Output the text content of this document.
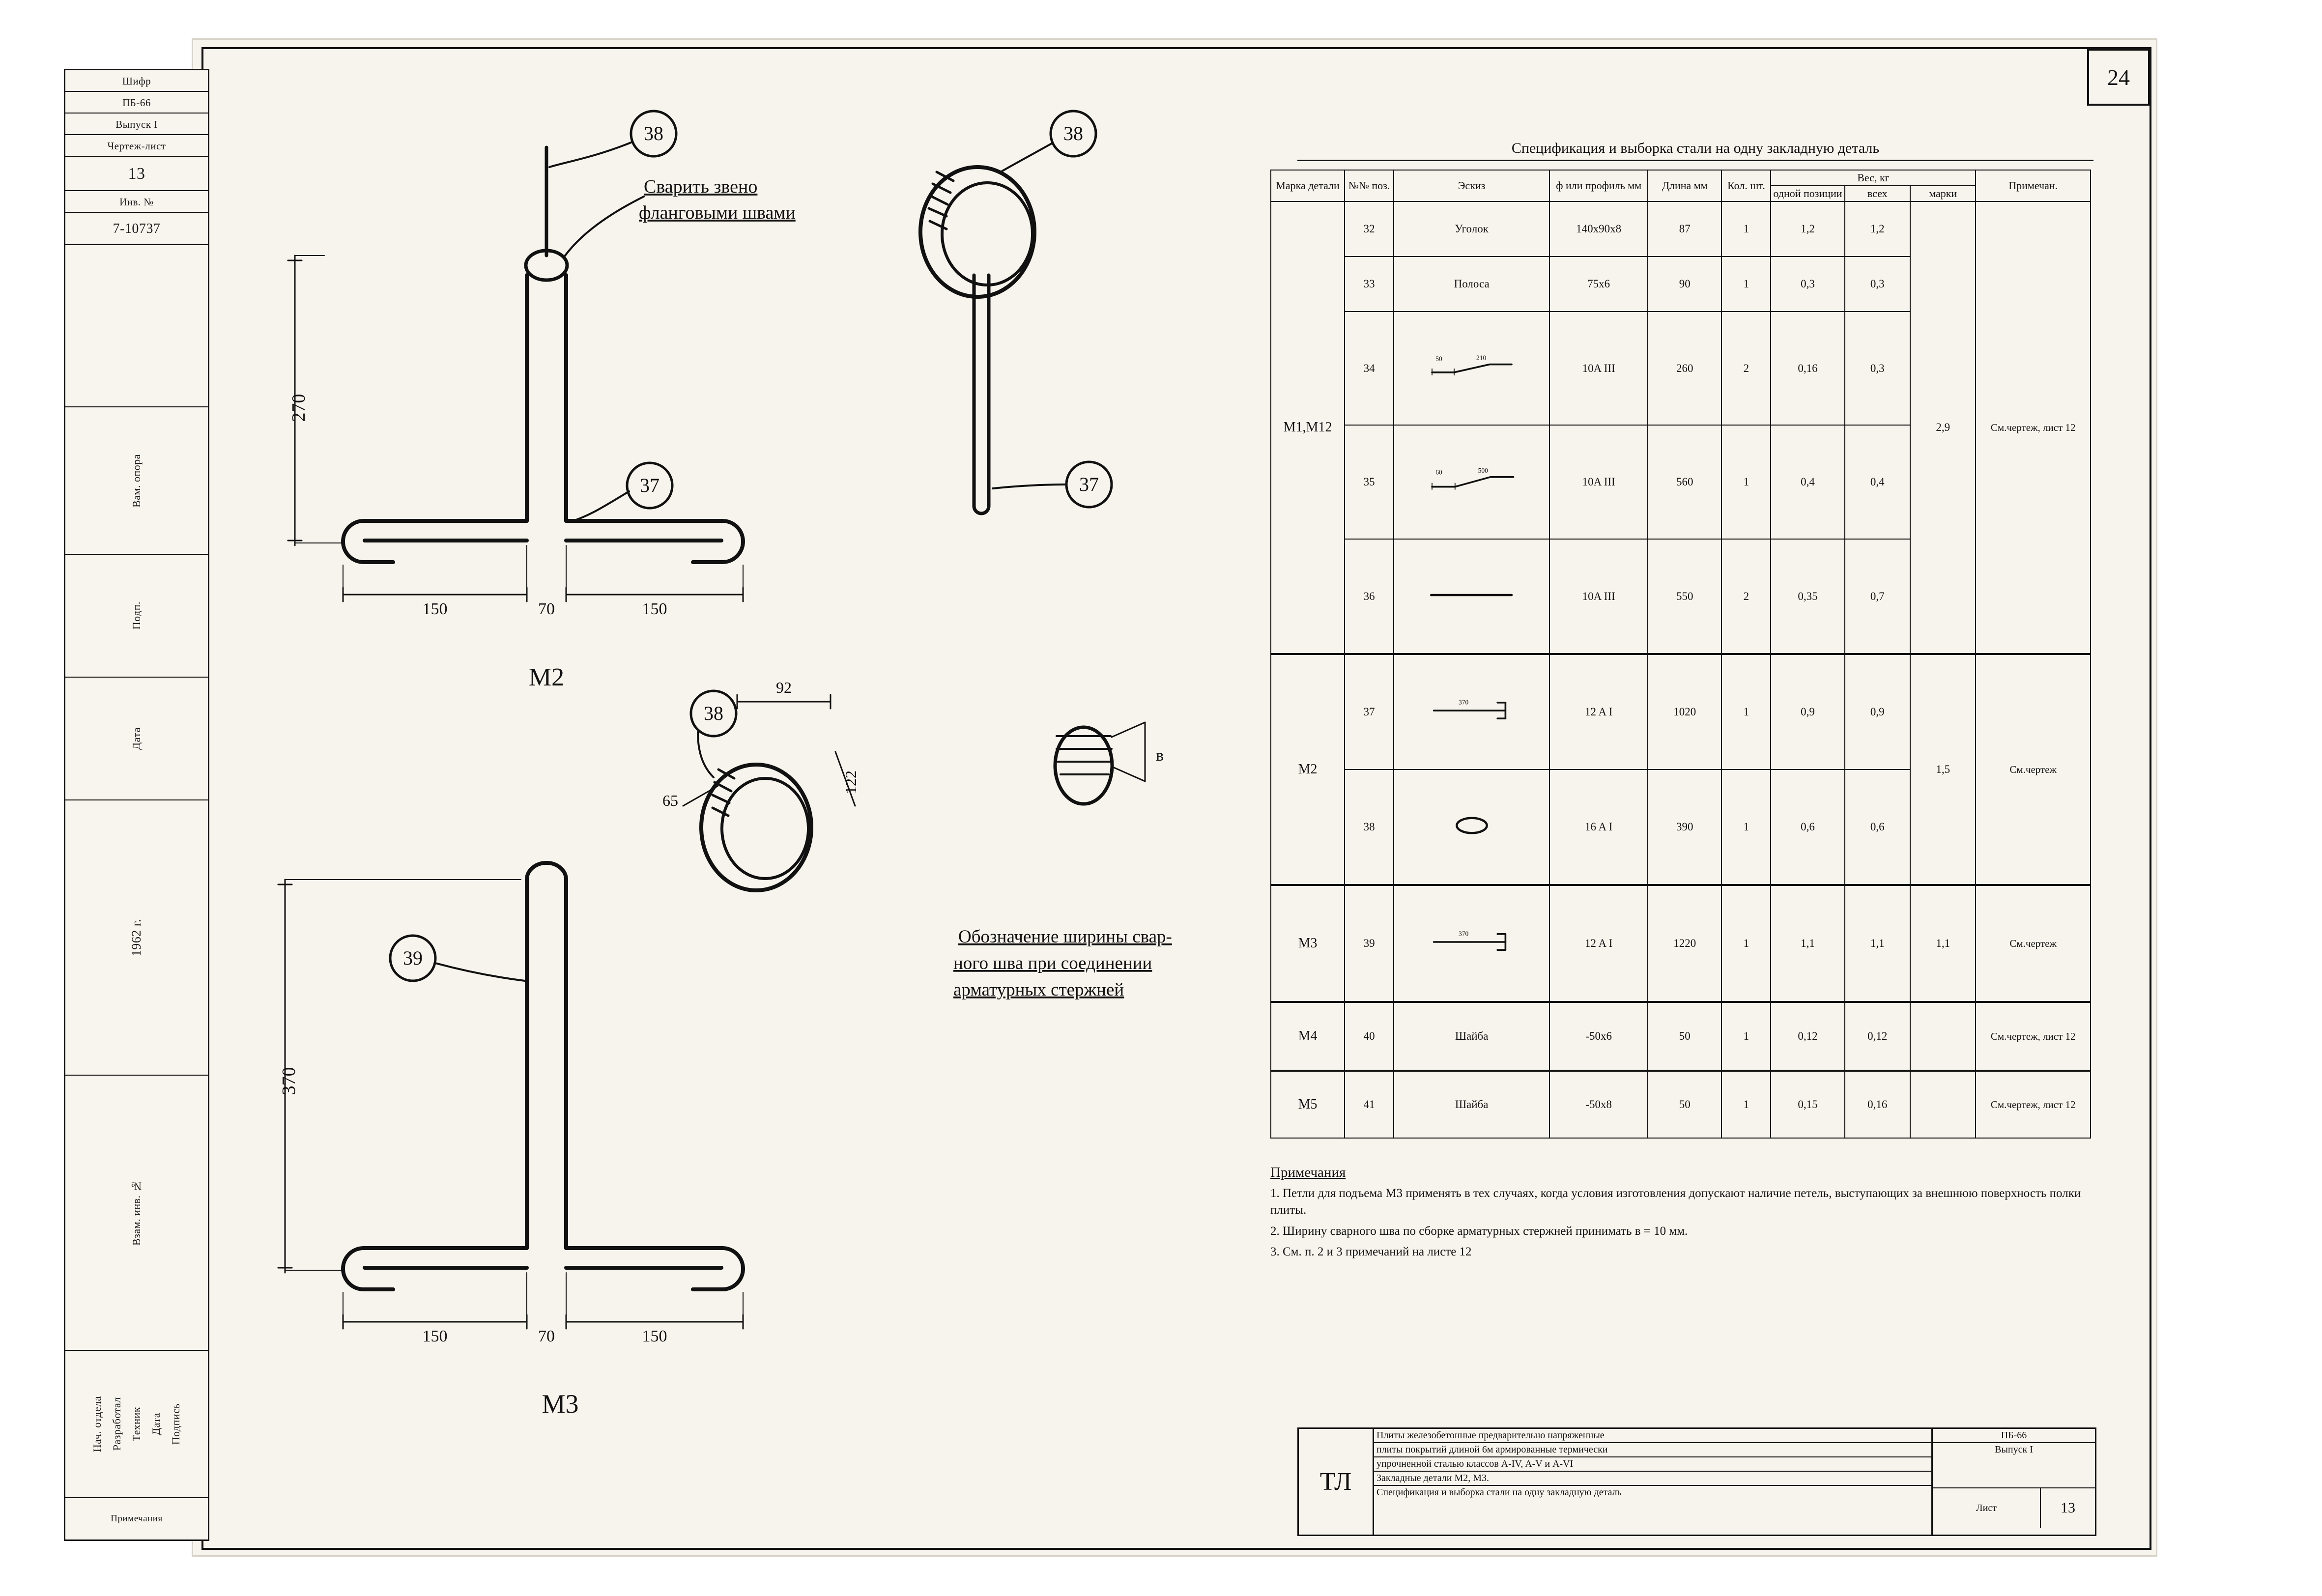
24
Шифр
ПБ-66
Выпуск I
Чертеж-лист
13
Инв. №
7-10737
Вам. опора
Подп.
Дата
1962 г.
Взам. инв. №
Нач. отдела Разработал Техник Дата Подпись
Примечания
38
37
38
37
38
39
270
150	70	150
М2
370
150	70	150
М3
92
65
122
в
Сварить звено
фланговыми швами
Обозначение ширины свар-
ного шва при соединении
арматурных стержней
Спецификация и выборка стали на одну закладную деталь
Марка детали	№№ поз.	Эскиз	ф или профиль мм	Длина мм	Кол. шт.	Вес, кг			Примечан.
						одной позиции	всех	марки	

М1,М12	32	Уголок	140х90х8	87	1	1,2	1,2	2,9	См.чертеж, лист 12
	33	Полоса	75х6	90	1	0,3	0,3		
	34	50 210	10A III	260	2	0,16	0,3		
	35	60 500	10A III	560	1	0,4	0,4		
	36		10A III	550	2	0,35	0,7		
М2	37	370	12 A I	1020	1	0,9	0,9	1,5	См.чертеж
	38		16 A I	390	1	0,6	0,6		
М3	39	370	12 A I	1220	1	1,1	1,1	1,1	См.чертеж
М4	40	Шайба	-50х6	50	1	0,12	0,12		См.чертеж, лист 12
М5	41	Шайба	-50х8	50	1	0,15	0,16		См.чертеж, лист 12
Примечания
1. Петли для подъема М3 применять в тех случаях, когда условия изготовления допускают наличие петель, выступающих за внешнюю поверхность полки плиты.
2. Ширину сварного шва по сборке арматурных стержней принимать в = 10 мм.
3. См. п. 2 и 3 примечаний на листе 12
ТЛ
Плиты железобетонные предварительно напряженные
плиты покрытий длиной 6м армированные термически
упрочненной сталью классов А-IV, A-V и A-VI
Закладные детали М2, М3.
Спецификация и выборка стали на одну закладную деталь
ПБ-66
Выпуск I
Лист	13
